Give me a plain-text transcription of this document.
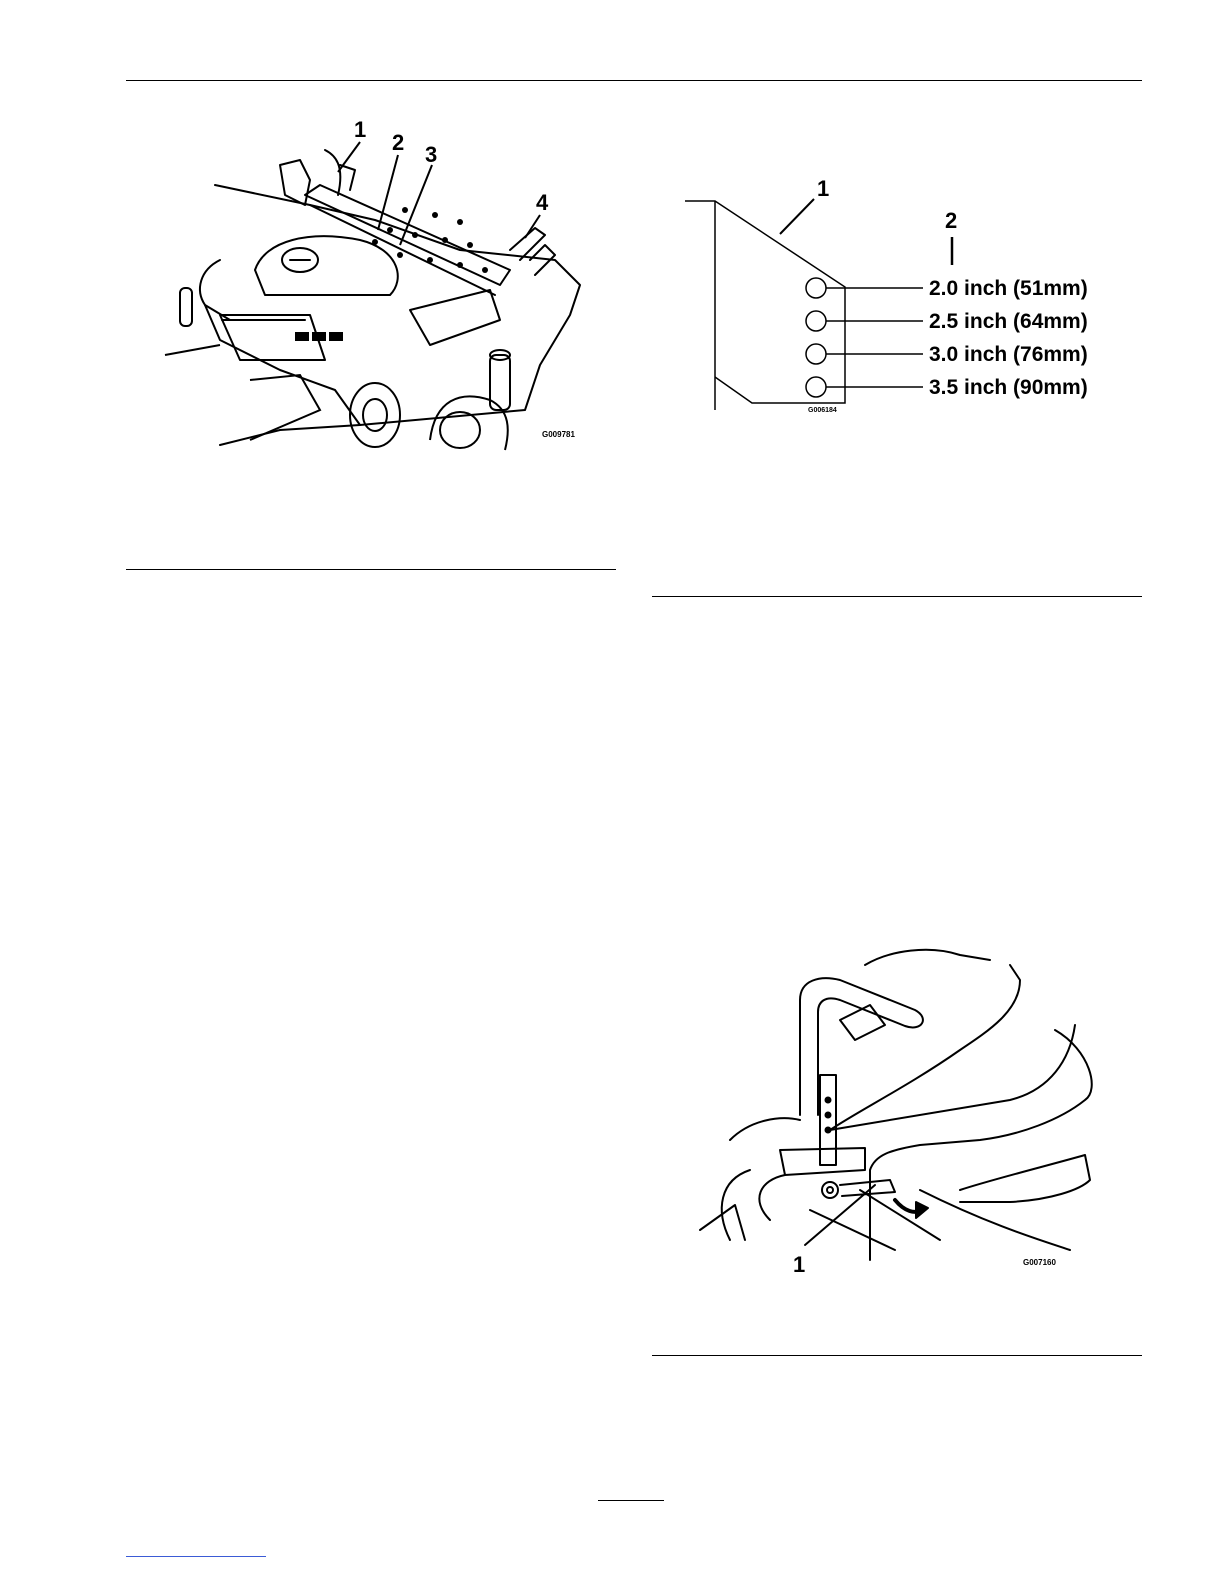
1
2 3
4
G009781
1
2
2.0 inch (51mm)
2.5 inch (64mm)
3.0 inch (76mm)
3.5 inch (90mm)
G006184
1	G007160
